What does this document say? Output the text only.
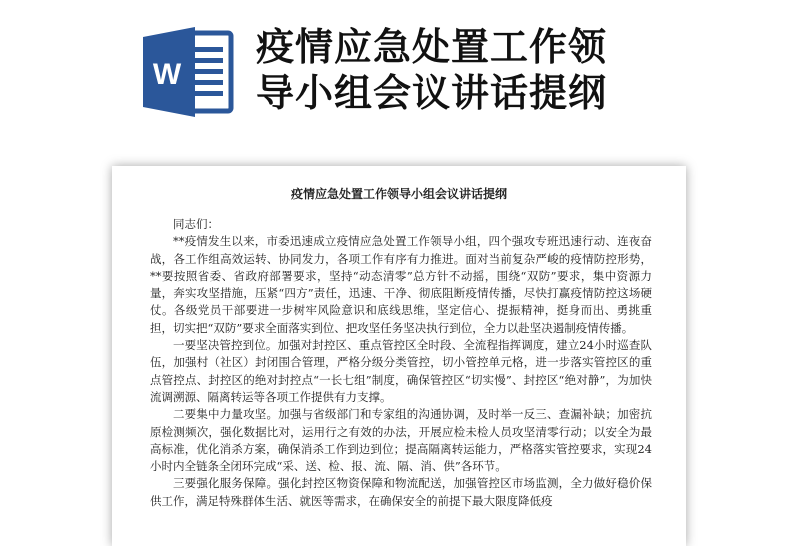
W
疫情应急处置工作领
导小组会议讲话提纲
疫情应急处置工作领导小组会议讲话提纲

同志们：

**疫情发生以来，市委迅速成立疫情应急处置工作领导小组，四个强攻专班迅速行动、连夜奋战，各工作组高效运转、协同发力，各项工作有序有力推进。面对当前复杂严峻的疫情防控形势，**要按照省委、省政府部署要求，坚持“动态清零”总方针不动摇，围绕“双防”要求，集中资源力量，奔实攻坚措施，压紧“四方”责任，迅速、干净、彻底阻断疫情传播，尽快打赢疫情防控这场硬仗。各级党员干部要进一步树牢风险意识和底线思维，坚定信心、提振精神，挺身而出、勇挑重担，切实把“双防”要求全面落实到位、把攻坚任务坚决执行到位，全力以赴坚决遏制疫情传播。

一要坚决管控到位。加强对封控区、重点管控区全时段、全流程指挥调度，建立24小时巡查队伍，加强村（社区）封闭围合管理，严格分级分类管控，切小管控单元格，进一步落实管控区的重点管控点、封控区的绝对封控点“一长七组”制度，确保管控区“切实慢”、封控区“绝对静”，为加快流调溯源、隔离转运等各项工作提供有力支撑。

二要集中力量攻坚。加强与省级部门和专家组的沟通协调，及时举一反三、查漏补缺；加密抗原检测频次，强化数据比对，运用行之有效的办法，开展应检未检人员攻坚清零行动；以安全为最高标准，优化消杀方案，确保消杀工作到边到位；提高隔离转运能力，严格落实管控要求，实现24小时内全链条全闭环完成“采、送、检、报、流、隔、消、供”各环节。

三要强化服务保障。强化封控区物资保障和物流配送，加强管控区市场监测，全力做好稳价保供工作，满足特殊群体生活、就医等需求，在确保安全的前提下最大限度降低疫
